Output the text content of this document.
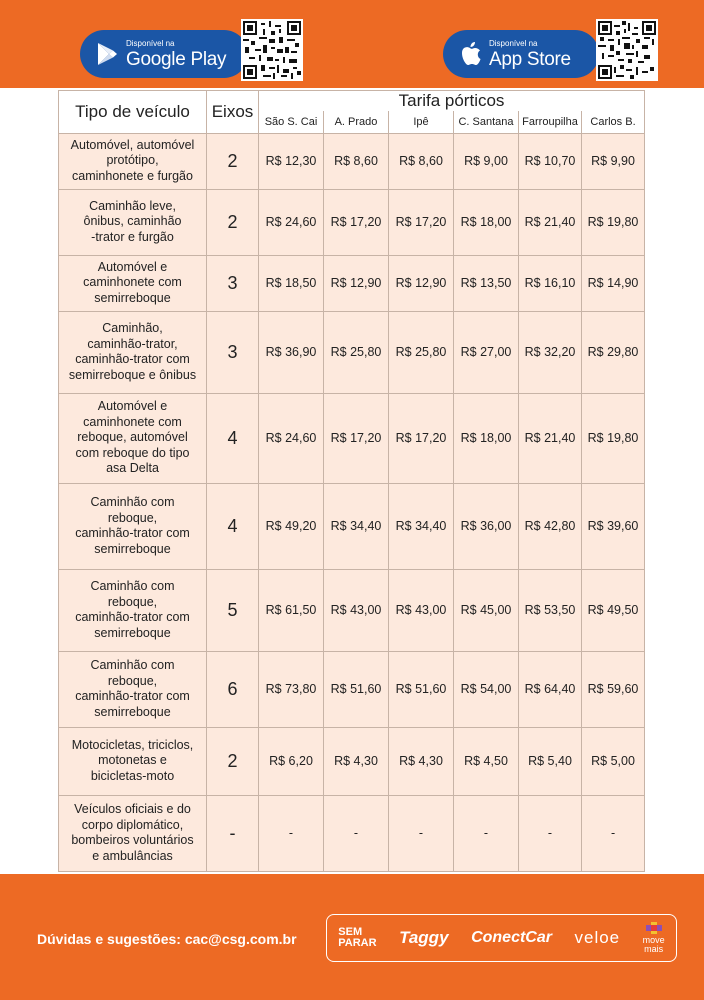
Disponível na
Google Play
Disponível na
App Store
Tipo de veículo	Eixos	Tarifa pórticos					
		São S. Cai	A. Prado	Ipê	C. Santana	Farroupilha	Carlos B.

Automóvel, automóvel
protótipo,
caminhonete e furgão	2	R$ 12,30	R$ 8,60	R$ 8,60	R$ 9,00	R$ 10,70	R$ 9,90

Caminhão leve,
ônibus, caminhão
-trator e furgão	2	R$ 24,60	R$ 17,20	R$ 17,20	R$ 18,00	R$ 21,40	R$ 19,80

Automóvel e
caminhonete com
semirreboque	3	R$ 18,50	R$ 12,90	R$ 12,90	R$ 13,50	R$ 16,10	R$ 14,90

Caminhão,
caminhão-trator,
caminhão-trator com
semirreboque e ônibus	3	R$ 36,90	R$ 25,80	R$ 25,80	R$ 27,00	R$ 32,20	R$ 29,80

Automóvel e
caminhonete com
reboque, automóvel
com reboque do tipo
asa Delta	4	R$ 24,60	R$ 17,20	R$ 17,20	R$ 18,00	R$ 21,40	R$ 19,80

Caminhão com
reboque,
caminhão-trator com
semirreboque	4	R$ 49,20	R$ 34,40	R$ 34,40	R$ 36,00	R$ 42,80	R$ 39,60

Caminhão com
reboque,
caminhão-trator com
semirreboque	5	R$ 61,50	R$ 43,00	R$ 43,00	R$ 45,00	R$ 53,50	R$ 49,50

Caminhão com
reboque,
caminhão-trator com
semirreboque	6	R$ 73,80	R$ 51,60	R$ 51,60	R$ 54,00	R$ 64,40	R$ 59,60

Motocicletas, triciclos,
motonetas e
bicicletas-moto	2	R$ 6,20	R$ 4,30	R$ 4,30	R$ 4,50	R$ 5,40	R$ 5,00

Veículos oficiais e do
corpo diplomático,
bombeiros voluntários
e ambulâncias	-	-	-	-	-	-	-
Dúvidas e sugestões: cac@csg.com.br	SEM
PARAR Taggy ConectCar veloe	move
mais
